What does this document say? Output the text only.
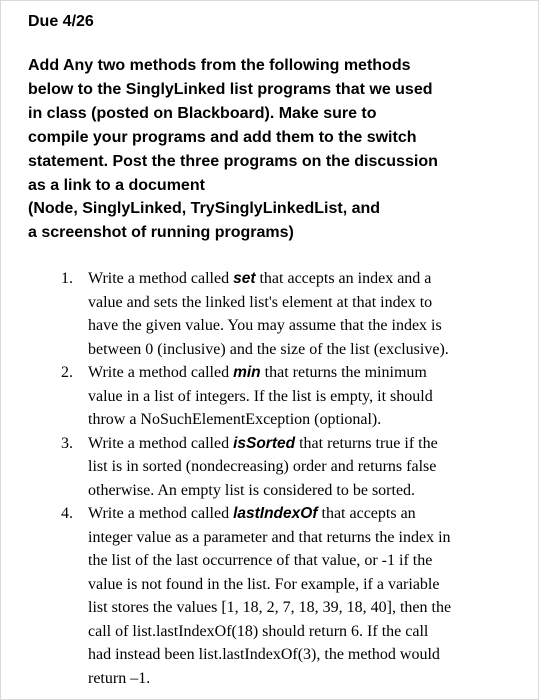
Due 4/26

Add Any two methods from the following methods
below to the SinglyLinked list programs that we used
in class (posted on Blackboard). Make sure to
compile your programs and add them to the switch
statement. Post the three programs on the discussion
as a link to a document
(Node, SinglyLinked, TrySinglyLinkedList, and
a screenshot of running programs)

1. Write a method called set that accepts an index and a
value and sets the linked list's element at that index to
have the given value. You may assume that the index is
between 0 (inclusive) and the size of the list (exclusive).
2. Write a method called min that returns the minimum
value in a list of integers. If the list is empty, it should
throw a NoSuchElementException (optional).
3. Write a method called isSorted that returns true if the
list is in sorted (nondecreasing) order and returns false
otherwise. An empty list is considered to be sorted.
4. Write a method called lastIndexOf that accepts an
integer value as a parameter and that returns the index in
the list of the last occurrence of that value, or -1 if the
value is not found in the list. For example, if a variable
list stores the values [1, 18, 2, 7, 18, 39, 18, 40], then the
call of list.lastIndexOf(18) should return 6. If the call
had instead been list.lastIndexOf(3), the method would
return –1.
